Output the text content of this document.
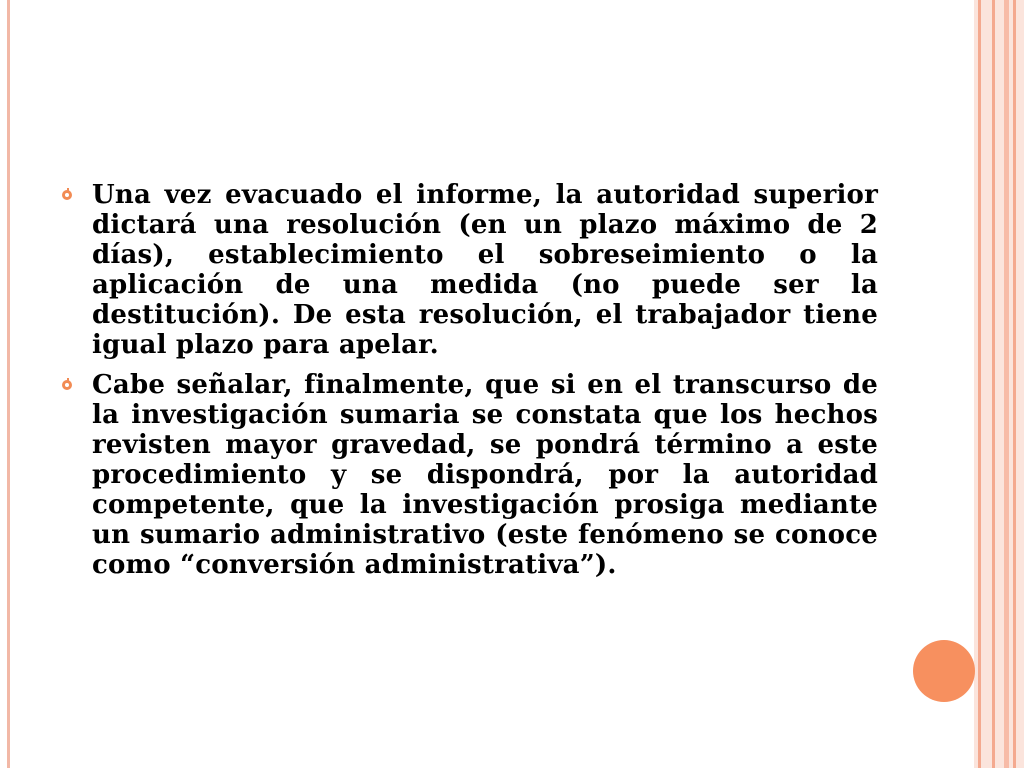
Una vez evacuado el informe, la autoridad superior dictará una resolución (en un plazo máximo de 2 días), establecimiento el sobreseimiento o la aplicación de una medida (no puede ser la destitución). De esta resolución, el trabajador tiene igual plazo para apelar.
Cabe señalar, finalmente, que si en el transcurso de la investigación sumaria se constata que los hechos revisten mayor gravedad, se pondrá término a este procedimiento y se dispondrá, por la autoridad competente, que la investigación prosiga mediante un sumario administrativo (este fenómeno se conoce como “conversión administrativa”).
